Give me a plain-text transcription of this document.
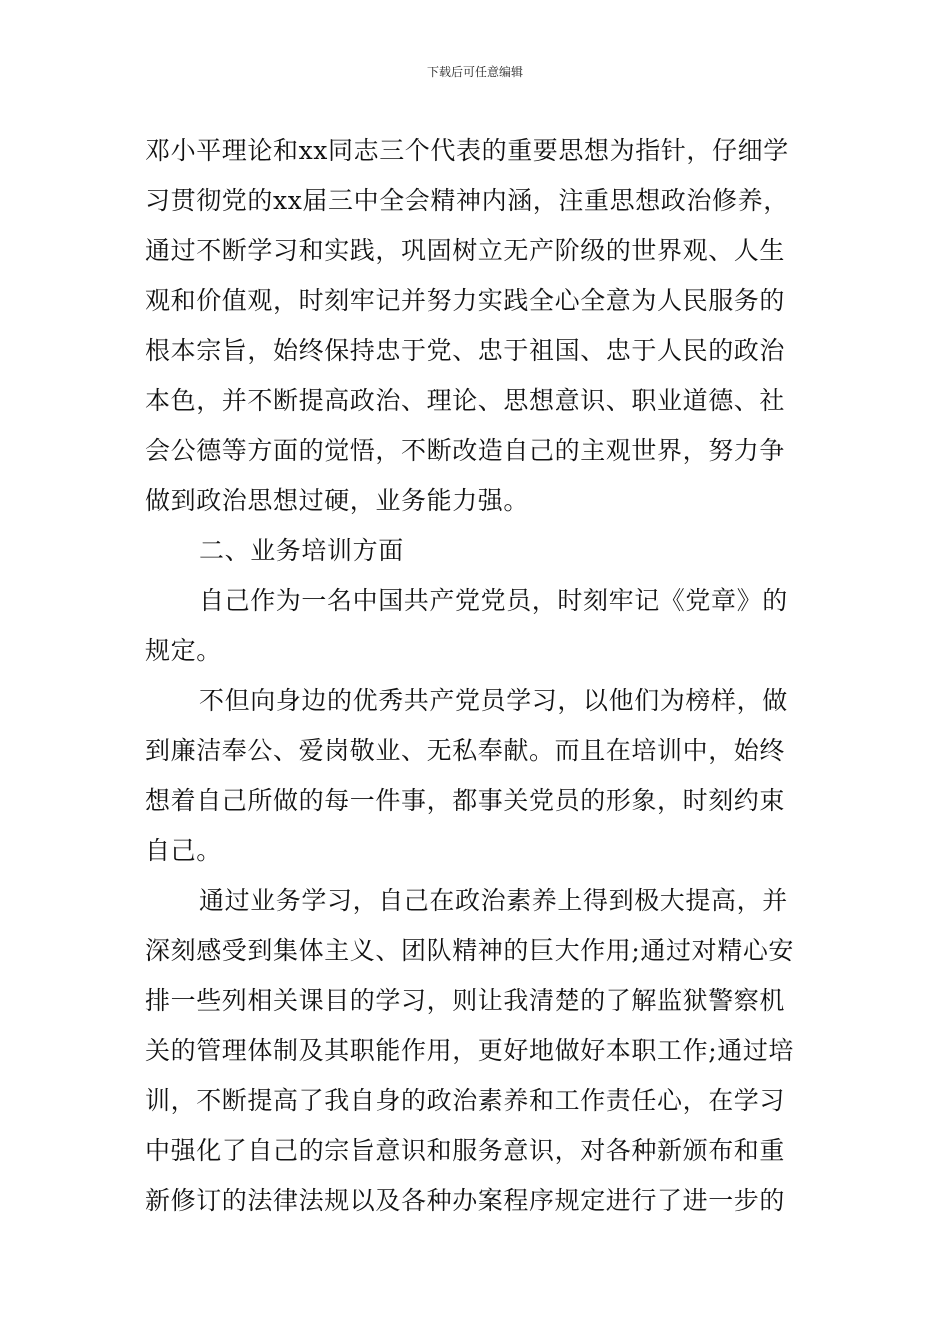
下载后可任意编辑

邓小平理论和xx同志三个代表的重要思想为指针，仔细学
习贯彻党的xx届三中全会精神内涵，注重思想政治修养，
通过不断学习和实践，巩固树立无产阶级的世界观、人生
观和价值观，时刻牢记并努力实践全心全意为人民服务的
根本宗旨，始终保持忠于党、忠于祖国、忠于人民的政治
本色，并不断提高政治、理论、思想意识、职业道德、社
会公德等方面的觉悟，不断改造自己的主观世界，努力争
做到政治思想过硬，业务能力强。

二、业务培训方面

自己作为一名中国共产党党员，时刻牢记《党章》的
规定。

不但向身边的优秀共产党员学习，以他们为榜样，做
到廉洁奉公、爱岗敬业、无私奉献。而且在培训中，始终
想着自己所做的每一件事，都事关党员的形象，时刻约束
自己。

通过业务学习，自己在政治素养上得到极大提高，并
深刻感受到集体主义、团队精神的巨大作用;通过对精心安
排一些列相关课目的学习，则让我清楚的了解监狱警察机
关的管理体制及其职能作用，更好地做好本职工作;通过培
训，不断提高了我自身的政治素养和工作责任心，在学习
中强化了自己的宗旨意识和服务意识，对各种新颁布和重
新修订的法律法规以及各种办案程序规定进行了进一步的
